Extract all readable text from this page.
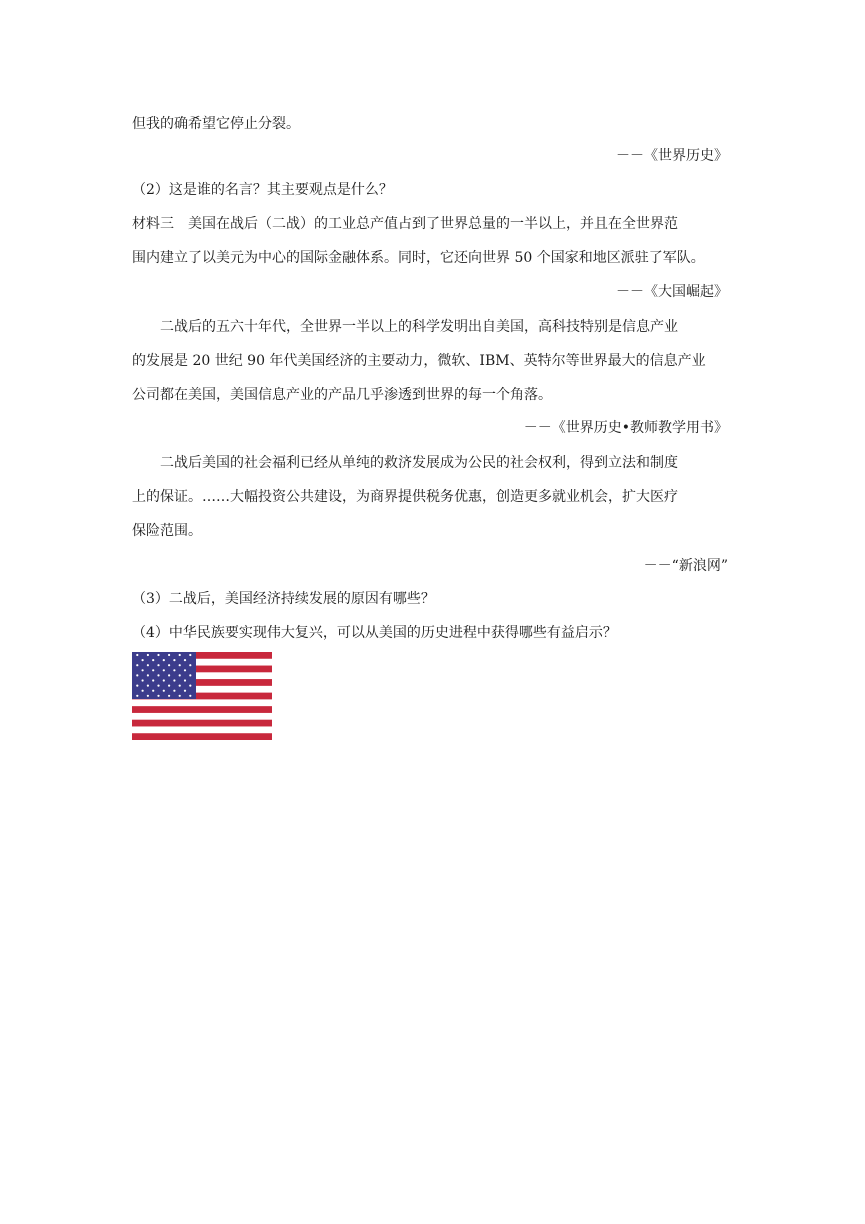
但我的确希望它停止分裂。
－－《世界历史》
（2）这是谁的名言？其主要观点是什么？
材料三　美国在战后（二战）的工业总产值占到了世界总量的一半以上，并且在全世界范
围内建立了以美元为中心的国际金融体系。同时，它还向世界 50 个国家和地区派驻了军队。
－－《大国崛起》
二战后的五六十年代，全世界一半以上的科学发明出自美国，高科技特别是信息产业
的发展是 20 世纪 90 年代美国经济的主要动力，微软、IBM、英特尔等世界最大的信息产业
公司都在美国，美国信息产业的产品几乎渗透到世界的每一个角落。
－－《世界历史•教师教学用书》
二战后美国的社会福利已经从单纯的救济发展成为公民的社会权利，得到立法和制度
上的保证。……大幅投资公共建设，为商界提供税务优惠，创造更多就业机会，扩大医疗
保险范围。
－－“新浪网”
（3）二战后，美国经济持续发展的原因有哪些？
（4）中华民族要实现伟大复兴，可以从美国的历史进程中获得哪些有益启示？
